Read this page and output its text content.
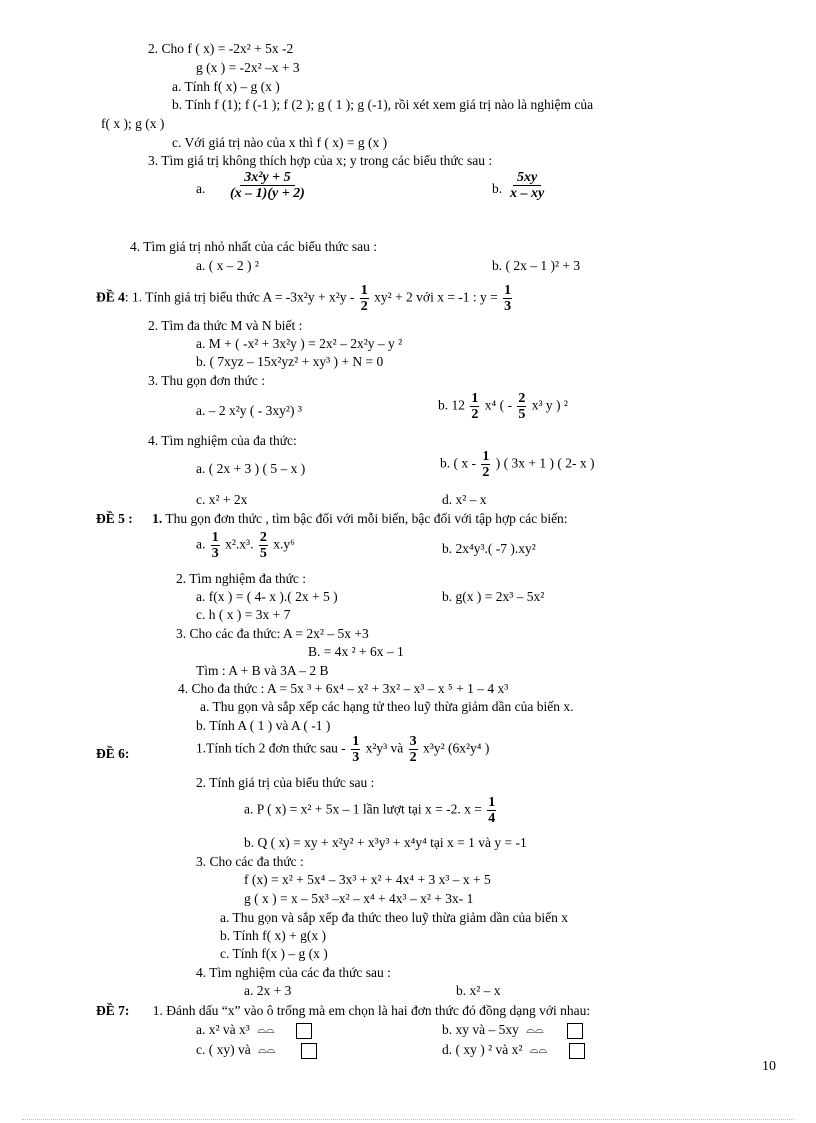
2. Cho f ( x) = -2x² + 5x -2
g (x ) = -2x² –x + 3
a. Tính f( x) – g (x )
b. Tính f (1); f (-1 ); f (2 ); g ( 1 ); g (-1), rồi xét xem giá trị nào là nghiệm của
f( x ); g (x )
c. Với giá trị nào của x thì f ( x) = g (x )
3. Tìm giá trị không thích hợp của x; y trong các biểu thức sau :
a. $\frac{\text{3x²y + 5}}{(x - 1)(y + 2)}$	b. $\frac{5xy}{x - xy}$
4. Tìm giá trị nhỏ nhất của các biểu thức sau :
a. ( x – 2 ) ²	b. ( 2x – 1 )² + 3
ĐỀ 4: 1. Tính giá trị biểu thức $A = -3x^2y + x^2y - \frac{1}{2} xy^2 + 2$ với x = -1 : $y = \frac{1}{3}$
2. Tìm đa thức M và N biết :
a. M + ( -x² + 3x²y ) = 2x² – 2x²y – y ²
b. ( 7xyz – 15x²yz² + xy³ ) + N = 0
3. Thu gọn đơn thức :
a. – 2 x²y ( - 3xy²) ³	b. $12 \frac{1}{2} x^4$ ( - $\frac{2}{5} x^3$ y ) ²
4. Tìm nghiệm của đa thức:
a. ( 2x + 3 ) ( 5 – x )	b. ( x - $\frac{1}{2}$ ) ( 3x + 1 ) ( 2- x )
c. x² + 2x	d. x² – x
ĐỀ 5 : 1. Thu gọn đơn thức , tìm bậc đối với mỗi biến, bậc đối với tập hợp các biến:
a. $\frac{1}{3} x^2.x^3$. $\frac{2}{5} x.y^6$	b. 2x⁴y³.( -7 ).xy²
2. Tìm nghiệm đa thức :
a. f(x ) = ( 4- x ).( 2x + 5 )	b. g(x ) = 2x³ – 5x²
c. h ( x ) = 3x + 7
3. Cho các đa thức: A = 2x² – 5x +3
B. = 4x ² + 6x – 1
Tìm : A + B và 3A – 2 B
4. Cho đa thức : A = 5x ³ + 6x⁴ – x² + 3x² – x³ – x ⁵ + 1 – 4 x³
a. Thu gọn và sắp xếp các hạng tử theo luỹ thừa giảm dần của biến x.
b. Tính A ( 1 ) và A ( -1 )
ĐỀ 6:	1.Tính tích 2 đơn thức sau - $\frac{1}{3} x^2y^3$ và $\frac{3}{2} x^3y^2$ (6x²y⁴ )
2. Tính giá trị của biểu thức sau :
a. P ( x) = x² + 5x – 1 lần lượt tại x = -2. $x = \frac{1}{4}$
b. Q ( x) = xy + x²y² + x³y³ + x⁴y⁴ tại x = 1 và y = -1
3. Cho các đa thức :
f (x) = x² + 5x⁴ – 3x³ + x² + 4x⁴ + 3 x³ – x + 5
g ( x ) = x – 5x³ –x² – x⁴ + 4x³ – x² + 3x- 1
a. Thu gọn và sắp xếp đa thức theo luỹ thừa giảm dần của biến x
b. Tính f( x) + g(x )
c. Tính f(x ) – g (x )
4. Tìm nghiệm của các đa thức sau :
a. 2x + 3	b. x² – x
ĐỀ 7: 1. Đánh dấu “x” vào ô trống mà em chọn là hai đơn thức đó đồng dạng với nhau:
a. x² và x³ ⌓⌓	b. xy và – 5xy ⌓⌓
c. ( xy) và ⌓⌓	d. ( xy ) ² và x² ⌓⌓
10
